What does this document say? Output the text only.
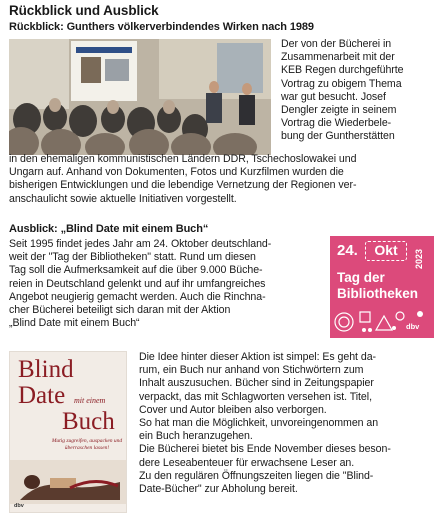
Rückblick und Ausblick
Rückblick: Gunthers völkerverbindendes Wirken nach 1989
Der von der Bücherei in
Zusammenarbeit mit der
KEB Regen durchgeführte
Vortrag zu obigem Thema
war gut besucht. Josef
Dengler zeigte in seinem
Vortrag die Wiederbele-
bung der Guntherstätten
in den ehemaligen kommunistischen Ländern DDR, Tschechoslowakei und
Ungarn auf. Anhand von Dokumenten, Fotos und Kurzfilmen wurden die
bisherigen Entwicklungen und die lebendige Vernetzung der Regionen ver-
anschaulicht sowie aktuelle Initiativen vorgestellt.
Ausblick: „Blind Date mit einem Buch“
Seit 1995 findet jedes Jahr am 24. Oktober deutschland-
weit der "Tag der Bibliotheken" statt. Rund um diesen
Tag soll die Aufmerksamkeit auf die über 9.000 Büche-
reien in Deutschland gelenkt und auf ihr umfangreiches
Angebot neugierig gemacht werden. Auch die Rinchna-
cher Bücherei beteiligt sich daran mit der Aktion
„Blind Date mit einem Buch“
24.	Okt	2023
Tag der
Bibliotheken
dbv
Blind
Date mit einem
Buch
Mutig zugreifen, auspacken und überraschen lassen!
dbv
Die Idee hinter dieser Aktion ist simpel: Es geht da-
rum, ein Buch nur anhand von Stichwörtern zum
Inhalt auszusuchen. Bücher sind in Zeitungspapier
verpackt, das mit Schlagworten versehen ist. Titel,
Cover und Autor bleiben also verborgen.
So hat man die Möglichkeit, unvoreingenommen an
ein Buch heranzugehen.
Die Bücherei bietet bis Ende November dieses beson-
dere Leseabenteuer für erwachsene Leser an.
Zu den regulären Öffnungszeiten liegen die "Blind-
Date-Bücher" zur Abholung bereit.
